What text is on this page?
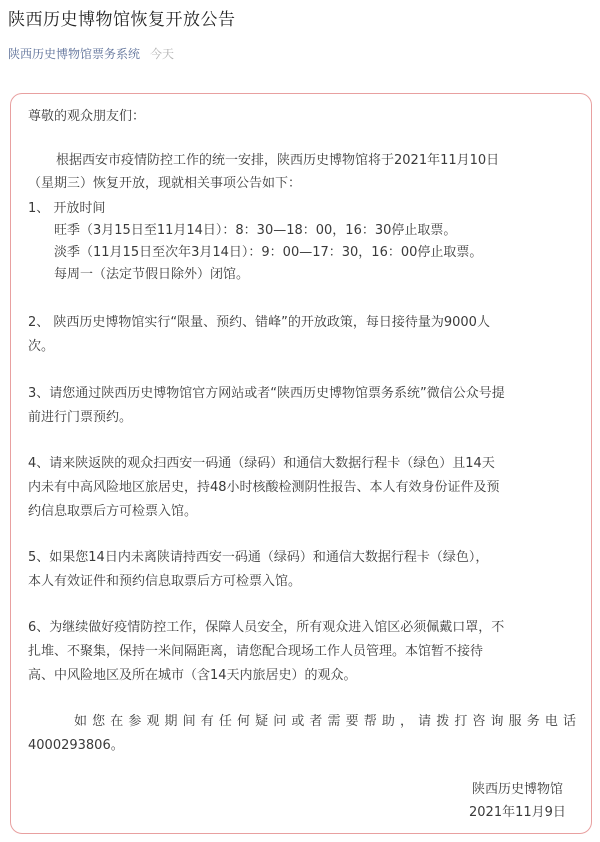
陕西历史博物馆恢复开放公告
陕西历史博物馆票务系统 今天
尊敬的观众朋友们：
根据西安市疫情防控工作的统一安排，陕西历史博物馆将于2021年11月10日
（星期三）恢复开放，现就相关事项公告如下：
1、 开放时间
旺季（3月15日至11月14日）：8：30—18：00，16：30停止取票。
淡季（11月15日至次年3月14日）：9：00—17：30，16：00停止取票。
每周一（法定节假日除外）闭馆。
2、 陕西历史博物馆实行“限量、预约、错峰”的开放政策，每日接待量为9000人
次。
3、请您通过陕西历史博物馆官方网站或者“陕西历史博物馆票务系统”微信公众号提
前进行门票预约。
4、请来陕返陕的观众扫西安一码通（绿码）和通信大数据行程卡（绿色）且14天
内未有中高风险地区旅居史，持48小时核酸检测阴性报告、本人有效身份证件及预
约信息取票后方可检票入馆。
5、如果您14日内未离陕请持西安一码通（绿码）和通信大数据行程卡（绿色），
本人有效证件和预约信息取票后方可检票入馆。
6、为继续做好疫情防控工作，保障人员安全，所有观众进入馆区必须佩戴口罩，不
扎堆、不聚集，保持一米间隔距离，请您配合现场工作人员管理。本馆暂不接待
高、中风险地区及所在城市（含14天内旅居史）的观众。
如您在参观期间有任何疑问或者需要帮助，请拨打咨询服务电话
4000293806。
陕西历史博物馆
2021年11月9日
